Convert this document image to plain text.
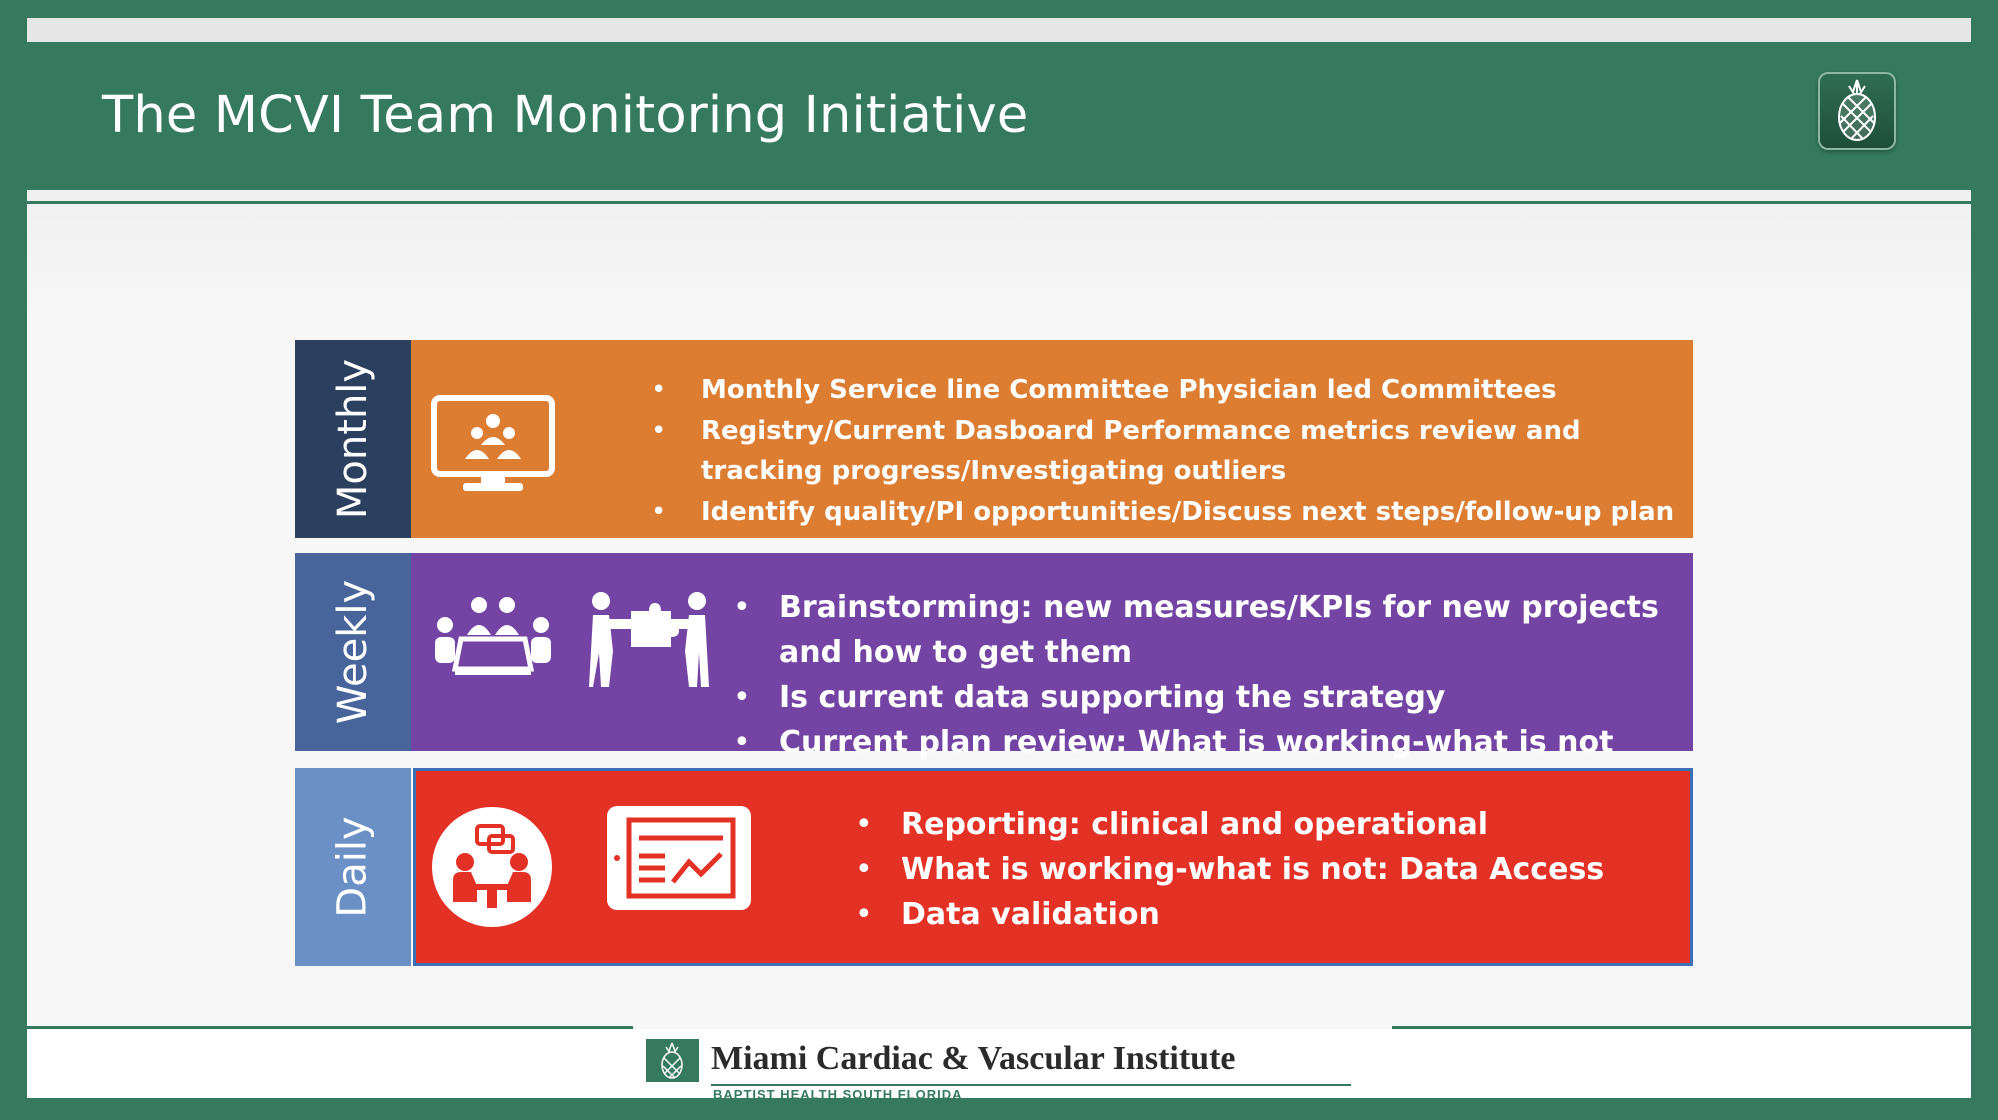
The MCVI Team Monitoring Initiative
Monthly	• Monthly Service line Committee Physician led Committees
• Registry/Current Dasboard Performance metrics review and tracking progress/Investigating outliers
• Identify quality/PI opportunities/Discuss next steps/follow-up plan
Weekly	• Brainstorming: new measures/KPIs for new projects and how to get them
• Is current data supporting the strategy
• Current plan review: What is working-what is not
Daily	• Reporting: clinical and operational
• What is working-what is not: Data Access
• Data validation
Miami Cardiac & Vascular Institute
BAPTIST HEALTH SOUTH FLORIDA
